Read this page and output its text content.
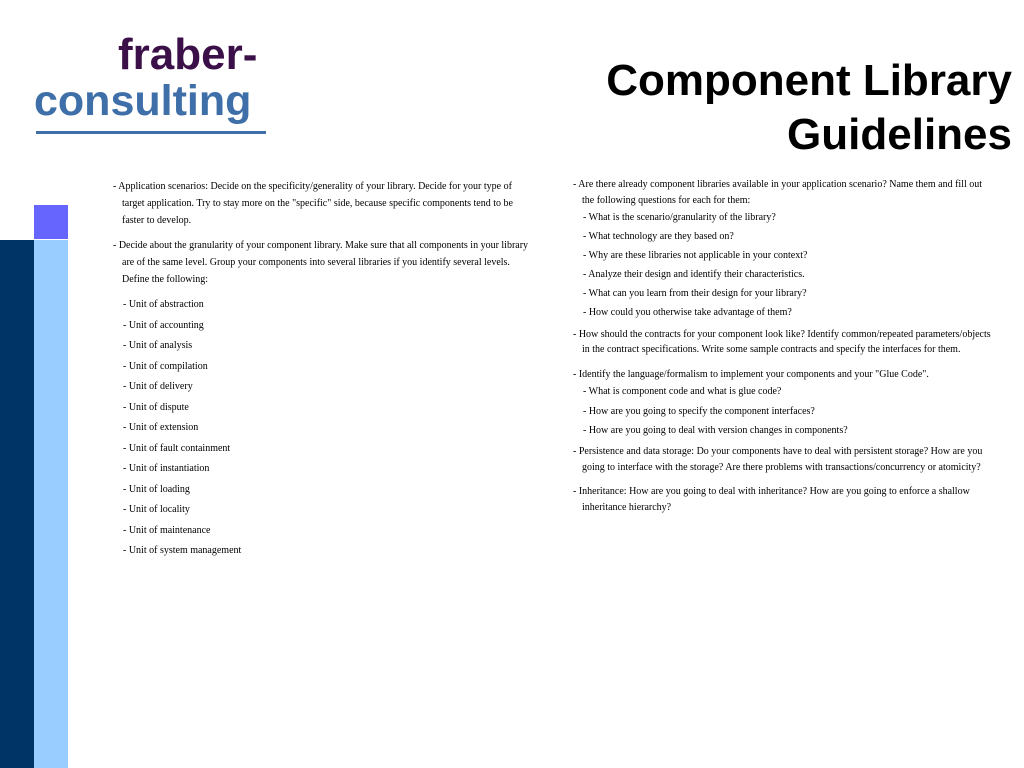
fraber-
consulting	Component Library
Guidelines
- Application scenarios: Decide on the specificity/generality of your library. Decide for your type of target application. Try to stay more on the "specific" side, because specific components tend to be faster to develop.
- Decide about the granularity of your component library. Make sure that all components in your library are of the same level. Group your components into several libraries if you identify several levels. Define the following:
- Unit of abstraction
- Unit of accounting
- Unit of analysis
- Unit of compilation
- Unit of delivery
- Unit of dispute
- Unit of extension
- Unit of fault containment
- Unit of instantiation
- Unit of loading
- Unit of locality
- Unit of maintenance
- Unit of system management
- Are there already component libraries available in your application scenario? Name them and fill out the following questions for each for them:
- What is the scenario/granularity of the library?
- What technology are they based on?
- Why are these libraries not applicable in your context?
- Analyze their design and identify their characteristics.
- What can you learn from their design for your library?
- How could you otherwise take advantage of them?
- How should the contracts for your component look like? Identify common/repeated parameters/objects in the contract specifications. Write some sample contracts and specify the interfaces for them.
- Identify the language/formalism to implement your components and your "Glue Code".
- What is component code and what is glue code?
- How are you going to specify the component interfaces?
- How are you going to deal with version changes in components?
- Persistence and data storage: Do your components have to deal with persistent storage? How are you going to interface with the storage? Are there problems with transactions/concurrency or atomicity?
- Inheritance: How are you going to deal with inheritance? How are you going to enforce a shallow inheritance hierarchy?
